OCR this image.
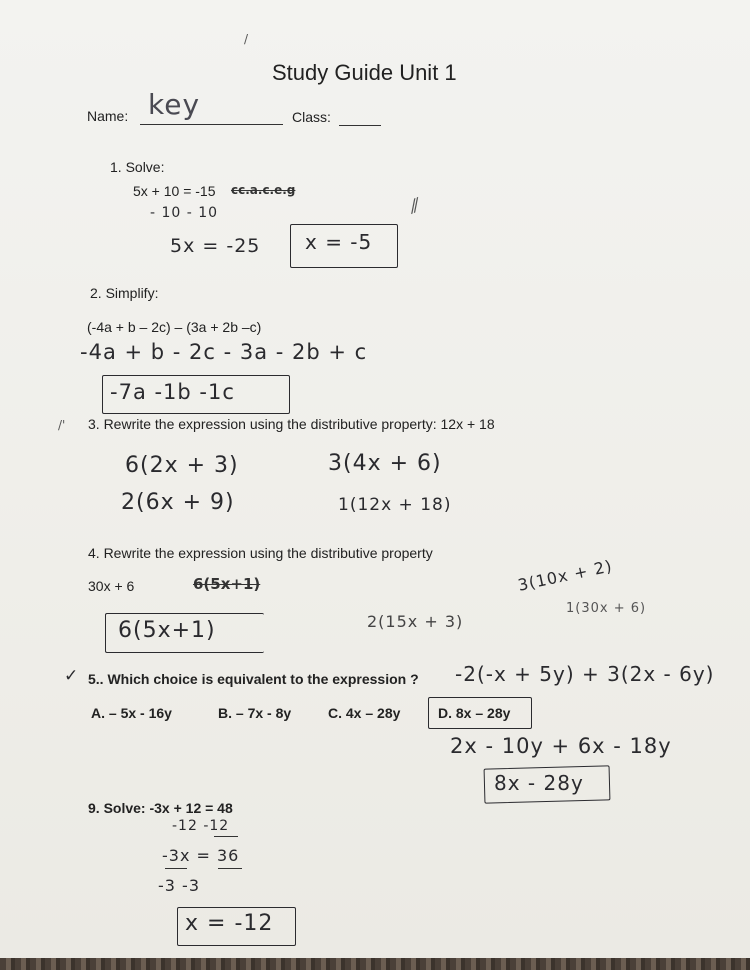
/
/'
Study Guide Unit 1
Name: key	Class:
1. Solve:
5x + 10 = -15 cc.a.c.e.g
- 10 - 10	⁄⁄
5x = -25 x = -5
2. Simplify:
(-4a + b – 2c) – (3a + 2b –c)
-4a + b - 2c - 3a - 2b + c
-7a -1b -1c
3. Rewrite the expression using the distributive property: 12x + 18
6(2x + 3)	3(4x + 6)
2(6x + 9)	1(12x + 18)
4. Rewrite the expression using the distributive property
30x + 6	6(5x+1)	3(10x + 2)
6(5x+1)	2(15x + 3)
1(30x + 6)
✓ 5.. Which choice is equivalent to the expression ? -2(-x + 5y) + 3(2x - 6y)
A. – 5x - 16y	B. – 7x - 8y	C. 4x – 28y	D. 8x – 28y
2x - 10y + 6x - 18y
8x - 28y
9. Solve: -3x + 12 = 48
-12 -12
-3x = 36
-3 -3
x = -12
